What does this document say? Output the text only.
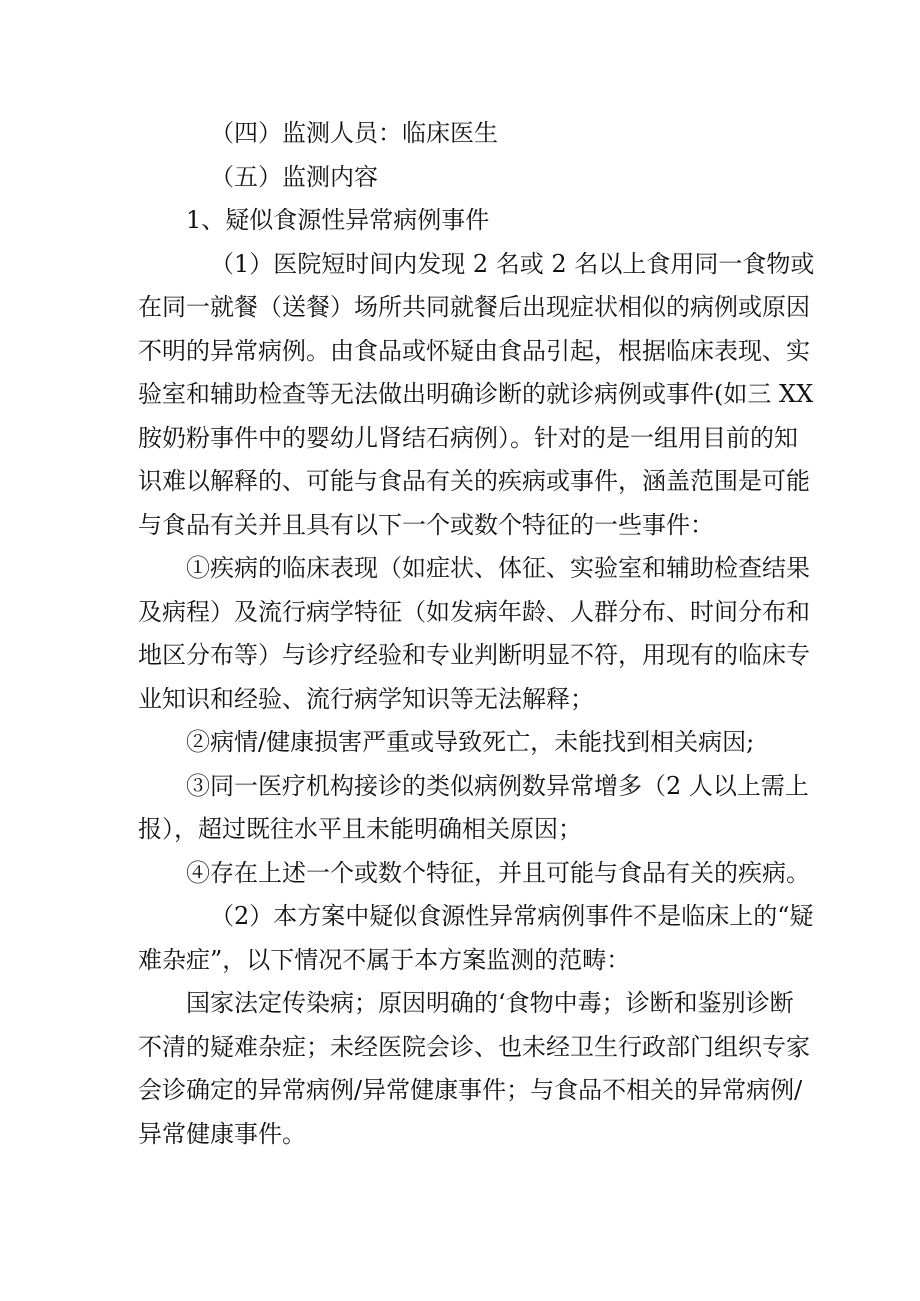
（四）监测人员：临床医生

（五）监测内容

1、疑似食源性异常病例事件

（1）医院短时间内发现 2 名或 2 名以上食用同一食物或
在同一就餐（送餐）场所共同就餐后出现症状相似的病例或原因
不明的异常病例。由食品或怀疑由食品引起，根据临床表现、实
验室和辅助检查等无法做出明确诊断的就诊病例或事件(如三 XX
胺奶粉事件中的婴幼儿肾结石病例）。针对的是一组用目前的知
识难以解释的、可能与食品有关的疾病或事件，涵盖范围是可能
与食品有关并且具有以下一个或数个特征的一些事件：

①疾病的临床表现（如症状、体征、实验室和辅助检查结果
及病程）及流行病学特征（如发病年龄、人群分布、时间分布和
地区分布等）与诊疗经验和专业判断明显不符，用现有的临床专
业知识和经验、流行病学知识等无法解释；

②病情/健康损害严重或导致死亡，未能找到相关病因;

③同一医疗机构接诊的类似病例数异常增多（2 人以上需上
报），超过既往水平且未能明确相关原因；

④存在上述一个或数个特征，并且可能与食品有关的疾病。

（2）本方案中疑似食源性异常病例事件不是临床上的“疑
难杂症”，以下情况不属于本方案监测的范畴：

国家法定传染病；原因明确的‘食物中毒；诊断和鉴别诊断
不清的疑难杂症；未经医院会诊、也未经卫生行政部门组织专家
会诊确定的异常病例/异常健康事件；与食品不相关的异常病例/
异常健康事件。
